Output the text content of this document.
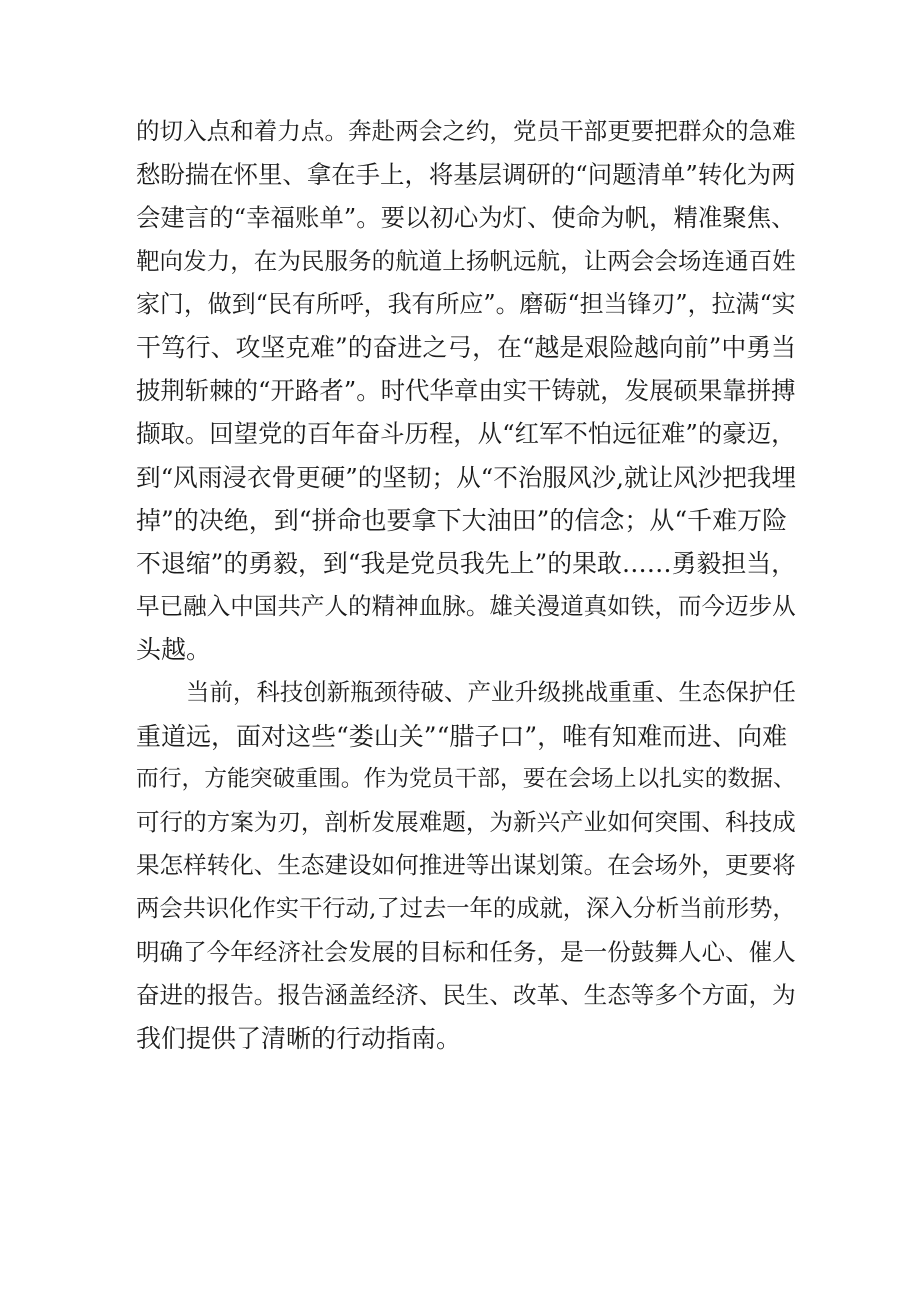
的切入点和着力点。奔赴两会之约，党员干部更要把群众的急难
愁盼揣在怀里、拿在手上，将基层调研的“问题清单”转化为两
会建言的“幸福账单”。要以初心为灯、使命为帆，精准聚焦、
靶向发力，在为民服务的航道上扬帆远航，让两会会场连通百姓
家门，做到“民有所呼，我有所应”。磨砺“担当锋刃”，拉满“实
干笃行、攻坚克难”的奋进之弓，在“越是艰险越向前”中勇当
披荆斩棘的“开路者”。时代华章由实干铸就，发展硕果靠拼搏
撷取。回望党的百年奋斗历程，从“红军不怕远征难”的豪迈，
到“风雨浸衣骨更硬”的坚韧；从“不治服风沙,就让风沙把我埋
掉”的决绝，到“拼命也要拿下大油田”的信念；从“千难万险
不退缩”的勇毅，到“我是党员我先上”的果敢……勇毅担当，
早已融入中国共产人的精神血脉。雄关漫道真如铁，而今迈步从
头越。
当前，科技创新瓶颈待破、产业升级挑战重重、生态保护任
重道远，面对这些“娄山关”“腊子口”，唯有知难而进、向难
而行，方能突破重围。作为党员干部，要在会场上以扎实的数据、
可行的方案为刃，剖析发展难题，为新兴产业如何突围、科技成
果怎样转化、生态建设如何推进等出谋划策。在会场外，更要将
两会共识化作实干行动,了过去一年的成就，深入分析当前形势，
明确了今年经济社会发展的目标和任务，是一份鼓舞人心、催人
奋进的报告。报告涵盖经济、民生、改革、生态等多个方面，为
我们提供了清晰的行动指南。
